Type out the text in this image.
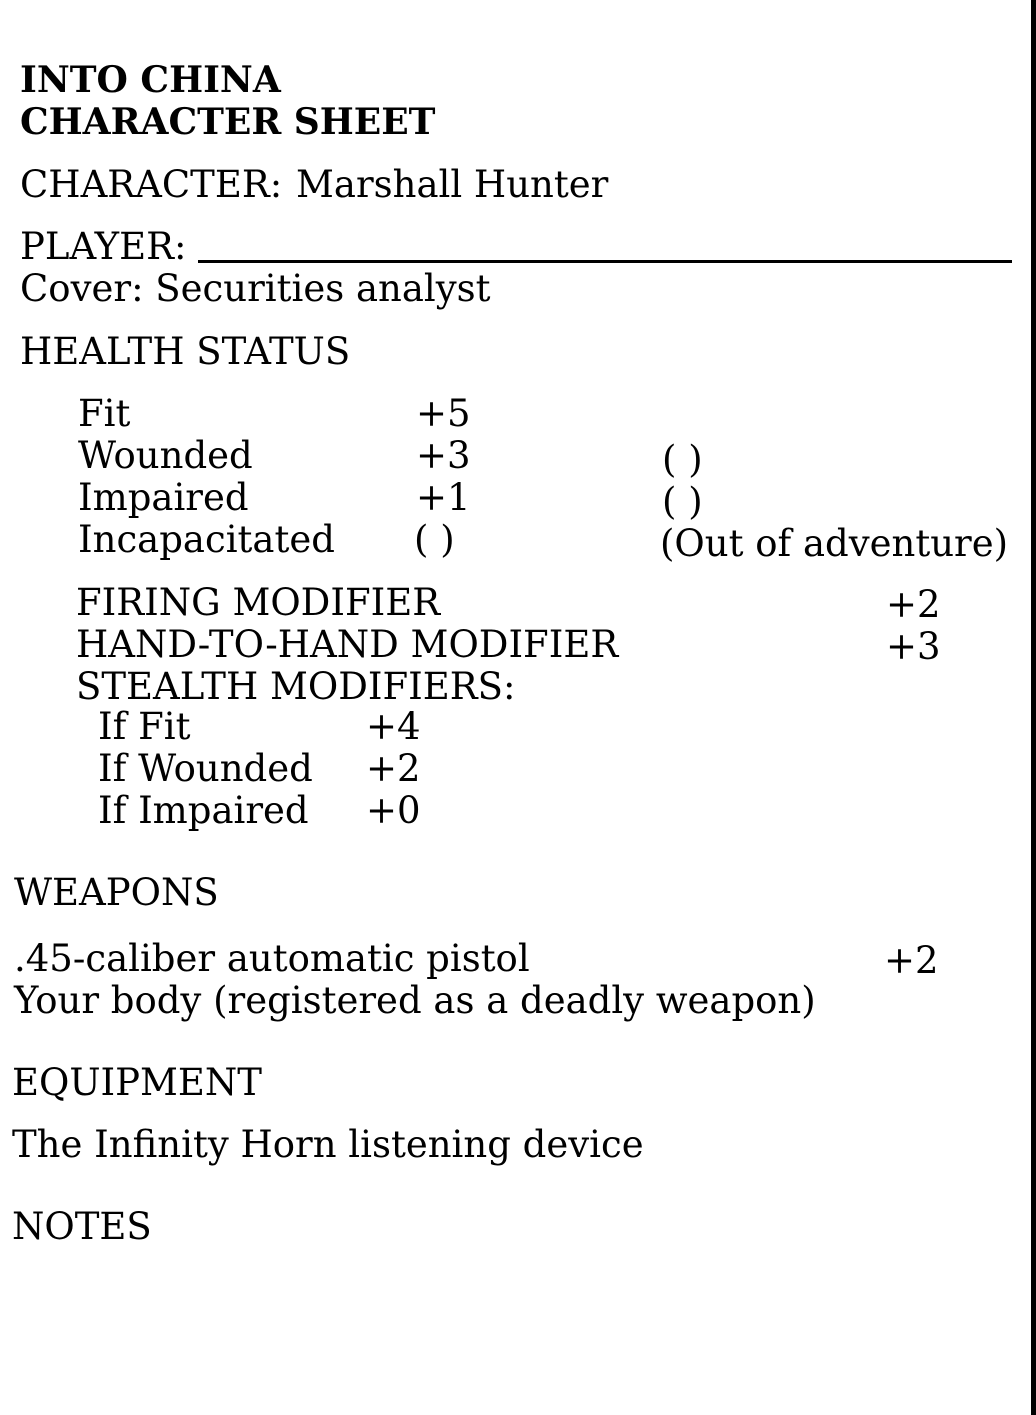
INTO CHINA
CHARACTER SHEET
CHARACTER: Marshall Hunter
PLAYER:
Cover: Securities analyst
HEALTH STATUS
Fit	+5
Wounded	+3	( )
Impaired	+1	( )
Incapacitated ( )	(Out of adventure)
FIRING MODIFIER	+2
HAND-TO-HAND MODIFIER	+3
STEALTH MODIFIERS:
If Fit	+4
If Wounded +2
If Impaired +0
WEAPONS
.45-caliber automatic pistol	+2
Your body (registered as a deadly weapon)
EQUIPMENT
The Infinity Horn listening device
NOTES
